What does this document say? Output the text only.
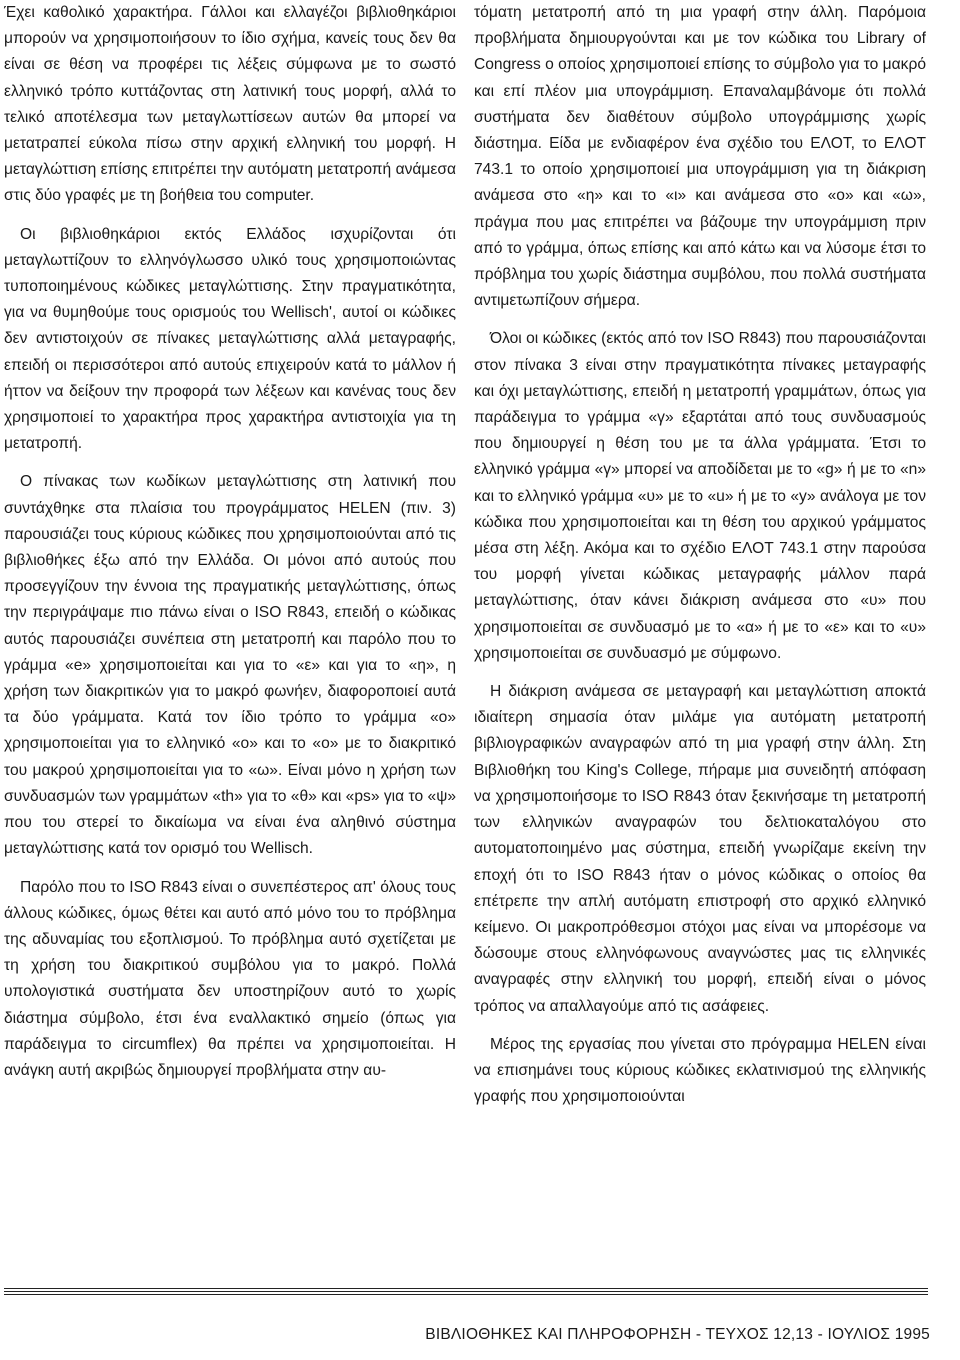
Έχει καθολικό χαρακτήρα. Γάλλοι και ελλαγέζοι βιβλιοθηκάριοι μπορούν να χρησιμοποιήσουν το ίδιο σχήμα, κανείς τους δεν θα είναι σε θέση να προφέρει τις λέξεις σύμφωνα με το σωστό ελληνικό τρόπο κυττάζοντας στη λατινική τους μορφή, αλλά το τελικό αποτέλεσμα των μεταγλωττίσεων αυτών θα μπορεί να μετατραπεί εύκολα πίσω στην αρχική ελληνική του μορφή. Η μεταγλώττιση επίσης επιτρέπει την αυτόματη μετατροπή ανάμεσα στις δύο γραφές με τη βοήθεια του computer.

Οι βιβλιοθηκάριοι εκτός Ελλάδος ισχυρίζονται ότι μεταγλωττίζουν το ελληνόγλωσσο υλικό τους χρησιμοποιώντας τυποποιημένους κώδικες μεταγλώττισης. Στην πραγματικότητα, για να θυμηθούμε τους ορισμούς του Wellisch', αυτοί οι κώδικες δεν αντιστοιχούν σε πίνακες μεταγλώττισης αλλά μεταγραφής, επειδή οι περισσότεροι από αυτούς επιχειρούν κατά το μάλλον ή ήττον να δείξουν την προφορά των λέξεων και κανένας τους δεν χρησιμοποιεί το χαρακτήρα προς χαρακτήρα αντιστοιχία για τη μετατροπή.

Ο πίνακας των κωδίκων μεταγλώττισης στη λατινική που συντάχθηκε στα πλαίσια του προγράμματος HELEN (πιν. 3) παρουσιάζει τους κύριους κώδικες που χρησιμοποιούνται από τις βιβλιοθήκες έξω από την Ελλάδα. Οι μόνοι από αυτούς που προσεγγίζουν την έννοια της πραγματικής μεταγλώττισης, όπως την περιγράψαμε πιο πάνω είναι ο ISO R843, επειδή ο κώδικας αυτός παρουσιάζει συνέπεια στη μετατροπή και παρόλο που το γράμμα «e» χρησιμοποιείται και για το «ε» και για το «η», η χρήση των διακριτικών για το μακρό φωνήεν, διαφοροποιεί αυτά τα δύο γράμματα. Κατά τον ίδιο τρόπο το γράμμα «o» χρησιμοποιείται για το ελληνικό «ο» και το «o» με το διακριτικό του μακρού χρησιμοποιείται για το «ω». Είναι μόνο η χρήση των συνδυασμών των γραμμάτων «th» για το «θ» και «ps» για το «ψ» που του στερεί το δικαίωμα να είναι ένα αληθινό σύστημα μεταγλώττισης κατά τον ορισμό του Wellisch.

Παρόλο που το ISO R843 είναι ο συνεπέστερος απ' όλους τους άλλους κώδικες, όμως θέτει και αυτό από μόνο του το πρόβλημα της αδυναμίας του εξοπλισμού. Το πρόβλημα αυτό σχετίζεται με τη χρήση του διακριτικού συμβόλου για το μακρό. Πολλά υπολογιστικά συστήματα δεν υποστηρίζουν αυτό το χωρίς διάστημα σύμβολο, έτσι ένα εναλλακτικό σημείο (όπως για παράδειγμα το circumflex) θα πρέπει να χρησιμοποιείται. Η ανάγκη αυτή ακριβώς δημιουργεί προβλήματα στην αυ-

τόματη μετατροπή από τη μια γραφή στην άλλη. Παρόμοια προβλήματα δημιουργούνται και με τον κώδικα του Library of Congress ο οποίος χρησιμοποιεί επίσης το σύμβολο για το μακρό και επί πλέον μια υπογράμμιση. Επαναλαμβάνομε ότι πολλά συστήματα δεν διαθέτουν σύμβολο υπογράμμισης χωρίς διάστημα. Είδα με ενδιαφέρον ένα σχέδιο του ΕΛΟΤ, το ΕΛΟΤ 743.1 το οποίο χρησιμοποιεί μια υπογράμμιση για τη διάκριση ανάμεσα στο «η» και το «ι» και ανάμεσα στο «ο» και «ω», πράγμα που μας επιτρέπει να βάζουμε την υπογράμμιση πριν από το γράμμα, όπως επίσης και από κάτω και να λύσομε έτσι το πρόβλημα του χωρίς διάστημα συμβόλου, που πολλά συστήματα αντιμετωπίζουν σήμερα.

Όλοι οι κώδικες (εκτός από τον ISO R843) που παρουσιάζονται στον πίνακα 3 είναι στην πραγματικότητα πίνακες μεταγραφής και όχι μεταγλώττισης, επειδή η μετατροπή γραμμάτων, όπως για παράδειγμα το γράμμα «γ» εξαρτάται από τους συνδυασμούς που δημιουργεί η θέση του με τα άλλα γράμματα. Έτσι το ελληνικό γράμμα «γ» μπορεί να αποδίδεται με το «g» ή με το «n» και το ελληνικό γράμμα «υ» με το «u» ή με το «y» ανάλογα με τον κώδικα που χρησιμοποιείται και τη θέση του αρχικού γράμματος μέσα στη λέξη. Ακόμα και το σχέδιο ΕΛΟΤ 743.1 στην παρούσα του μορφή γίνεται κώδικας μεταγραφής μάλλον παρά μεταγλώττισης, όταν κάνει διάκριση ανάμεσα στο «υ» που χρησιμοποιείται σε συνδυασμό με το «α» ή με το «ε» και το «υ» χρησιμοποιείται σε συνδυασμό με σύμφωνο.

Η διάκριση ανάμεσα σε μεταγραφή και μεταγλώττιση αποκτά ιδιαίτερη σημασία όταν μιλάμε για αυτόματη μετατροπή βιβλιογραφικών αναγραφών από τη μια γραφή στην άλλη. Στη Βιβλιοθήκη του King's College, πήραμε μια συνειδητή απόφαση να χρησιμοποιήσομε το ISO R843 όταν ξεκινήσαμε τη μετατροπή των ελληνικών αναγραφών του δελτιοκαταλόγου στο αυτοματοποιημένο μας σύστημα, επειδή γνωρίζαμε εκείνη την εποχή ότι το ISO R843 ήταν ο μόνος κώδικας ο οποίος θα επέτρεπε την απλή αυτόματη επιστροφή στο αρχικό ελληνικό κείμενο. Οι μακροπρόθεσμοι στόχοι μας είναι να μπορέσομε να δώσουμε στους ελληνόφωνους αναγνώστες μας τις ελληνικές αναγραφές στην ελληνική του μορφή, επειδή είναι ο μόνος τρόπος να απαλλαγούμε από τις ασάφειες.

Μέρος της εργασίας που γίνεται στο πρόγραμμα HELEN είναι να επισημάνει τους κύριους κώδικες εκλατινισμού της ελληνικής γραφής που χρησιμοποιούνται

ΒΙΒΛΙΟΘΗΚΕΣ ΚΑΙ ΠΛΗΡΟΦΟΡΗΣΗ - ΤΕΥΧΟΣ 12,13 - ΙΟΥΛΙΟΣ 1995
